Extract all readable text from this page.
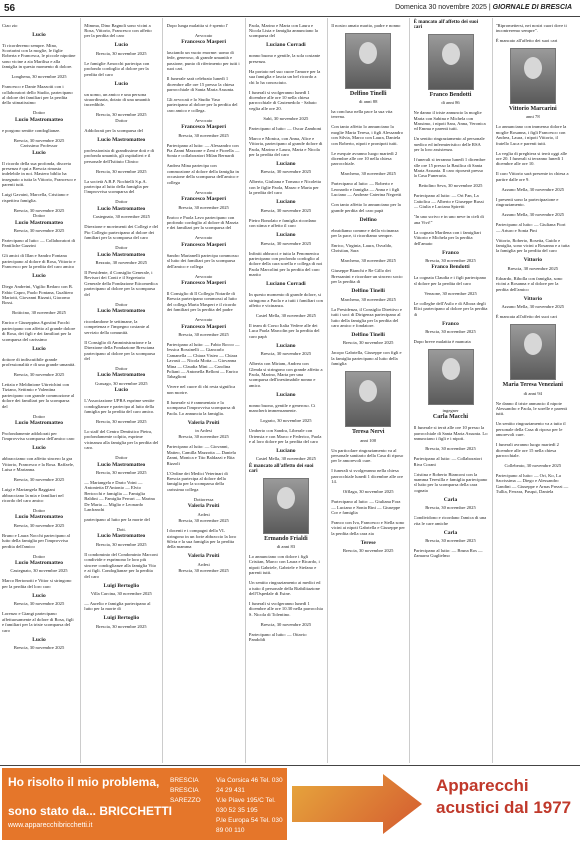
56	Domenica 30 novembre 2025 | GIORNALE DI BRESCIA

Ciao zio

Lucio

Ti ricorderemo sempre. Mino, Scortarini con la moglie, le figlie Roberta e Francesca, le piccole nipotine sono vicine a zia Marilisa e alla famiglia in questo momento di dolore.

Longhena, 30 novembre 2025

Francesco e Dante Mazzotti con i collaboratori dello Studio, partecipano al dolore dei familiari per la perdita dello stimatissimo

Dottor
Lucio Mastromatteo

e porgono sentite condoglianze.

Brescia, 30 novembre 2025
Carissimo Professor
Lucio

Il ricordo della sua profonda, discreta presenza è qui a Brescia rimasta indelebile in noi. Mastero biblio ha insegnato a tutta la Vittorio, Francesco e parenti tutti.

Luigi Gavaini, Marcella, Cristiano e rispettiva famiglia.

Brescia, 30 novembre 2025
Dottor
Lucio Mastromatteo
Brescia, 30 novembre 2025

Partecipano al lutto: — Collaboratori di Pantiliche Gazzini

Gli amici di Illan e Sandro Fontana partecipano al dolore di Rosa, Vittorio e Francesco per la perdita del caro amico

Lucio

Diego Andreini, Vigilio Redaro con B. Fabio Capro, Paolo Fontana, Gualtiero Mariotti, Giovanni Rizzuti, Giacomo Bossi.

Botticino, 30 novembre 2025

Enrico e Giuseppina Agostini Facchi partecipano con affetto al grande dolore di Rosa, dei figli e dei familiari per la scomparsa del carissimo

Lucio

dottore di indiscutibile grande professionalità e di una grande umanità.

Brescia, 30 novembre 2025

Letizia e Meldinione Uttreichini con Tiziano, Settimio e Valentina partecipano con grande commozione al dolore dei familiari per la scomparsa del

Dottor
Lucio Mastromatteo

Profondamente addolorati per l'improvvisa scomparsa dell'amico caro

Lucio

abbracciamo con affetto sincero la gra Vittorio, Francesco e la Rosa. Raffaele, Luisa e Marianna.

Brescia, 30 novembre 2025

Luigi e Mariangela Raggiani abbracciano la mia e familiari nel ricordo del caro amico

Dottor
Lucio Mastromatteo
Brescia, 30 novembre 2025

Bruno e Laura Nocchi partecipano al lutto della famiglia per l'improvvisa perdita dell'amico

Dottor
Lucio Mastromatteo
Castegnato, 30 novembre 2025

Marco Bertonotti e Vittor si stringono per la perdita del loro caro

Lucio
Brescia, 30 novembre 2025

Lorenzo e Giangi partecipano affettuosamente al dolore di Rosa, figli e familiari per la triste scomparsa del caro

Lucio
Brescia, 30 novembre 2025

Mimma, Dino Bagnoli sono vicini a Rosa, Vittorio, Francesco con affetto per la perdita del caro

Lucio
Brescia, 30 novembre 2025

Le famiglie Arnocchi partecipa con profondo cordoglio al dolore per la perdita del caro

Lucio

un uomo, un amico e una persona straordinaria, dotato di una umanità incredibile.

Brescia, 30 novembre 2025
Dottor

Addolorati per la scomparsa del

Lucio Mastromatteo

professionista di grandissime doti e di profonda umanità, gli ospitalieri e il personale dell'Istituto Clinico

Brescia, 30 novembre 2025

La società A.B.P. Nochtelli S.p.A. partecipa al lutto della famiglia per l'improvvisa scomparsa del

Dottor
Lucio Mastromatteo
Castegnato, 30 novembre 2025

Direzione e movimenti dei Collegi e del Pio Collegio partecipano al dolore dei familiari per la scomparsa del caro

Dottor
Lucio Mastromatteo
Rezzato, 30 novembre 2025

Il Presidente, il Consiglio Generale, i Revisori dei Conti e il Segretario Generale della Fondazione Eticomedica partecipano al dolore per la scomparsa del

Dottor
Lucio Mastromatteo

ricordandone le settimane, la competenza e l'impegno costante al servizio della comunità.

Il Consiglio di Amministrazione e la Direzione della Fondazione Bresciana partecipano al dolore per la scomparsa del

Dottor
Lucio Mastromatteo
Gussago, 30 novembre 2025
Lucio

L'Associazione UPRA esprime sentite condoglianze e partecipa al lutto della famiglia per la perdita del caro amico.

Brescia, 30 novembre 2025

Lo staff del Centro Dentistico Pietra, profondamente colpito, esprime vicinanza alla famiglia per la perdita del caro.

Dottor
Lucio Mastromatteo
Brescia, 30 novembre 2025

— Mariangela e Dario Voini — Antonietta D'Antonio — Elvio Bertocchi e famiglia — Famiglia Baldini — Famiglia Ferrari — Marina De Maria — Miglio e Leonardo Lanfranchi

partecipano al lutto per la morte del

Dott.
Lucio Mastromatteo
Brescia, 30 novembre 2025

Il condominio del Condominio Marconi condivide e esprimono le loro più sincere condoglianze alla famiglia Vito e ai figli. Condoglianze per la perdita del caro

Luigi Bertoglio
Villa Carcina, 30 novembre 2025

— Aurelio e famiglia partecipano al lutto per la morte di

Luigi Bertoglio
Brescia, 30 novembre 2025

Dopo lunga malattia si è spento l'

Avvocato
Francesco Masperi

lasciando un vuoto enorme: uomo di fede, generoso, di grande umanità e passione, punto di riferimento per tutti i suoi cari.

Il funerale sarà celebrato lunedì 1 dicembre alle ore 15 presso la chiesa parrocchiale di Santa Maria Assunta.

Gli avvocati e lo Studio Vaso partecipano al dolore per la perdita del caro amico e collega.

Avvocato
Francesco Masperi
Brescia, 30 novembre 2025

Partecipano al lutto: — Alessandro con Pia Zanni Mazzone e Zeni e Fiorella — Sonia e collaboratori Milan Bernardi

Andrea Mina partecipa con commozione al dolore della famiglia in occasione della scomparsa dell'amico e collega

Avvocato
Francesco Masperi
Brescia, 30 novembre 2025

Enrico e Paola Lavo partecipano con profondo cordoglio al dolore di Marzia e dei familiari per la scomparsa del

Avvocato
Francesco Masperi

Sandro Marianelli partecipa commosso al lutto dei familiari per la scomparsa dell'amico e collega

Avvocato
Francesco Masperi

Il Consiglio di Il Collegio Notarile di Brescia partecipano commossi al lutto del collega Marta Masperi e il ricordo dei familiari per la perdita del padre

Avvocato
Francesco Masperi
Brescia, 30 novembre 2025

Partecipano al lutto: — Fabio Rocco — Jessica Rossinelli — Giancarlo Camanella — Chiara Visteo — Chiara Lavasti — Nicola Motta — Giovanna Mina — Claudia Mini — Carolina Poliani — Antonella Belloni — Enrico Tabaglioni

Vivere nel cuore di chi resta significa non morire.

Il funerale si è rammentato e la scomparsa l'improvvisa scomparsa di Paola. Lo annuncia la famiglia.

Valeria Proiti
in Ardesi
Brescia, 30 novembre 2025

Partecipano al lutto: — Giovanni, Matteo, Camilla Mazzotta — Daniela Zanni, Monica e Tito Baldazzi e Rita Rizzoli

L'Ordine dei Medici Veterinari di Brescia partecipa al dolore della famiglia per la scomparsa della carissima collega

Dottoressa
Valeria Proiti
Ardesi
Brescia, 30 novembre 2025

I docenti e i compagni della VL stringono in un forte abbraccio la loro Silvia e la sua famiglia per la perdita della mamma

Valeria Proiti
Ardesi
Brescia, 30 novembre 2025

Paola, Marino e Marta con Laura e Nicola Lista e famiglia annunciano la scomparsa del

Luciano Corradi

nonno buono e gentile, la sola costante presenza.

Ha portato nel suo cuore l'amore per la sua famiglia e lascia un bel ricordo a chi lo ha conosciuto.

I funerali si svolgeranno lunedì 1 dicembre alle ore 10 nella chiesa parrocchiale di Castenedolo - Sabato veglia alle ore 20.

Sabì, 30 novembre 2025

Partecipano al lutto: — Oscar Zamboni

Marco e Monica, con Anna, Alice e Vittoria, partecipano al grande dolore di Paola, Marino e Laura, Marta e Nicola per la perdita del caro

Luciano
Brescia, 30 novembre 2025

Alberto, Giuliana e Tomaso e Nicoletta con le figlie Paola, Marzo e Marta per la perdita del caro

Luciano
Brescia, 30 novembre 2025

Pietro Bonolato e famiglia ricordano con stima e affetto il caro

Luciano
Brescia, 30 novembre 2025

Infiniti abbracci e tutta la Fenomenica partecipano con profondo cordoglio al dolore della cara sorella e collega di noi Paola Marcolini per la perdita del caro marito

Luciano Corradi

In questo momento di grande dolore, si stringono a Paola e a tutti i familiari con affetto e vicinanza.

Castel Mella, 30 novembre 2025

Il team di Corso Italia Vedere alle dei Luca Paola Marcolin per la perdita del caro papà

Luciano
Brescia, 30 novembre 2025

Alberta con Miriam, Andrea con Glenda si stringono con grande affetto a Paola, Marino, Marta per una scomparsa dell'inestimabile nonno e amico.

Luciano

nonno buono, gentile e generoso. Ci mancherà immensamente.

Lograto, 30 novembre 2025

Umberto con Sandra, Liberale con Ortensia e con Marco e Federico, Paola e al loro dolore per la perdita del caro

Luciano
Castel Mella, 30 novembre 2025
È mancato all'affetto dei suoi cari
Ermando Frialdi
di anni 83

Lo annunciano con dolore i figli Cristian, Marco con Laura e Ricardo, i nipoti Gabriele, Gabriele e Stefano e parenti tutti.

Un sentito ringraziamento ai medici ed a tutto il personale della Riabilitazione dell'Ospedale di Esine.

I funerali si svolgeranno lunedì 1 dicembre alle ore 10.30 nella parrocchia S. Nicola di Tolentino.

Brescia, 30 novembre 2025

Partecipano al lutto: — Ottavio Pandoldi

Il nostro amato marito, padre e nonno

Delfino Tinelli
di anni 88

ha concluso nella pace la sua vita terrena.

Con tanto affetto lo annunciano la moglie Maria Teresa, i figli Alessandro con Silvia, Marco con Laura, Daniela con Roberto, nipoti e pronipoti tutti.

Le esequie avranno luogo martedì 2 dicembre alle ore 10 nella chiesa parrocchiale.

Marcheno, 30 novembre 2025

Partecipano al lutto: — Roberto e Leonardo e famiglia — Anna e i figli Luciano — Andreae Caterina Negretti

Con tanto affetto lo annunciano per la grande perdita del caro papà

Delfino

ebraidiamo comme e della vicinanza per la pace, ti ricordiamo sempre.

Enrico, Virginia, Laura, Osvaldo, Christian, Sara

Marcheno, 30 novembre 2025

Giuseppe Bianchi e Re Gillo dei Bressanini e ricordare un sincero socio per la perdita di

Delfino Tinelli
Marcheno, 30 novembre 2025

La Presidenza, il Consiglio Direttivo e tutti i soci di Dirigenza partecipano al lutto della famiglia per la perdita del caro amico e fondatore.

Delfino Tinelli
Brescia, 30 novembre 2025

Jacopo Gabriella, Giuseppe con figli e la famiglia partecipano al lutto della famiglia

Teresa Nervi
anni 100

Un particolare ringraziamento va al personale sanitario della Casa di riposo per le amorevoli cure.

I funerali si svolgeranno nella chiesa parrocchiale lunedì 1 dicembre alle ore 14.

Offlaga, 30 novembre 2025

Partecipano al lutto: — Giuliana Fora — Luciano e Sonia Rini — Giuseppe Cor e famiglia

Franco con Iva, Francesco e Stella sono vicini ai nipoti Gabriella e Giuseppe per la perdita della cara zia

Terese
Brescia, 30 novembre 2025
È mancato all'affetto dei suoi cari
Franco Bendotti
di anni 86

Ne danno il triste annuncio la moglie Maria con Sabina e Michela con Massimo, i nipoti Sara, Anna, Veronica ed Emma e parenti tutti.

Un sentito ringraziamento al personale medico ed infermieristico delle RSA per la loro assistenza.

I funerali si terranno lunedì 1 dicembre alle ore 15 presso la Basilica di Santa Maria Assunta. Il caro riposerà presso la Casa Funeraria.

Bettolino Seva, 30 novembre 2025

Partecipano al lutto: — Ori Fan, La Cattolica — Alberto e Giuseppe Russi — Giulia e Luciana Spiretti

"In uno scrivo e in uno neve in cieli di una Vivi!"

La cognata Marilena con i famigliari Vittorio e Michela per la perdita dell'amato

Franco
Brescia, 30 novembre 2025
Franco Bendotti

La cognata Claudia e i figli partecipano al dolore per la perdita del caro

Venzone, 30 novembre 2025

Le colleghe dell'Asilo e di Albora degli Elici partecipano al dolore per la perdita di

Franco
Brescia, 30 novembre 2025

Dopo breve malattia è mancata

ingegner
Carla Macchi

Il funerale si terrà alle ore 10 presso la parrocchiale di Santa Maria Assunta. Lo annunciano i figli e i nipoti.

Brescia, 30 novembre 2025

Partecipano al lutto: — Collaboratori Riva Corani

Cristina e Roberto Bianconi con la mamma Teresilla e famiglia partecipano al lutto per la scomparsa della cara cognata

Carla
Brescia, 30 novembre 2025

Condividono e ricordano l'amica di una vita le care amiche

Carla
Brescia, 30 novembre 2025

Partecipano al lutto: — Bruna Ros — Zamarra Guglielmo

"Ripromettersi, nei nostri cuori dove ti incontreremo sempre".

È mancato all'affetto dei suoi cari

Vittorio Marcarini
anni 78

Lo annunciano con immenso dolore la moglie Rosanna, i figli Francesco con Andrea, Laura, i nipoti Vittorio, il fratello Luca e parenti tutti.

La veglia di preghiera si terrà oggi alle ore 20. I funerali si terranno lunedì 1 dicembre alle ore 10.

Il caro Vittorio sarà presente in chiesa a partire dalle ore 9.

Azzano Mella, 30 novembre 2025

I presenti sono la partecipazione e ringraziamento.

Azzano Mella, 30 novembre 2025

Partecipano al lutto: — Giuliana Fiori — Arturo e Sonia Pini

Vittorio, Roberto, Rosetta, Guido e famiglia, sono vicini a Rosanna e a tutta la famiglia per la perdita del caro

Vittorio
Brescia, 30 novembre 2025

Edoardo, Ribolla con famiglia, sono vicini a Rosanna e al dolore per la perdita dell'amico

Vittorio
Azzano Mella, 30 novembre 2025

È mancata all'affetto dei suoi cari

Maria Teresa Veneziani
di anni 94

Ne danno il triste annuncio il nipote Alessandro e Paola, le sorelle e parenti tutti.

Un sentito ringraziamento va a tutto il personale della Casa di riposo per le amorevoli cure.

I funerali avranno luogo martedì 2 dicembre alle ore 15 nella chiesa parrocchiale.

Collebeato, 30 novembre 2025

Partecipano al lutto: — Ori, Ko, La Sacrissima — Diego e Alessandro Gandini — Giuseppe e Arnas Prezzi — Tullia, Ferrara, Pasqui, Daniela

Ho risolto il mio problema,
sono stato da... BRICCHETTI
www.apparecchibricchetti.it
BRESCIA
BRESCIA
SAREZZO
Via Corsica 46 Tel. 030 24 29 431
V.le Piave 195/C Tel. 030 52 35 195
P.le Europa 54 Tel. 030 89 00 110
Apparecchi
acustici dal 1977
